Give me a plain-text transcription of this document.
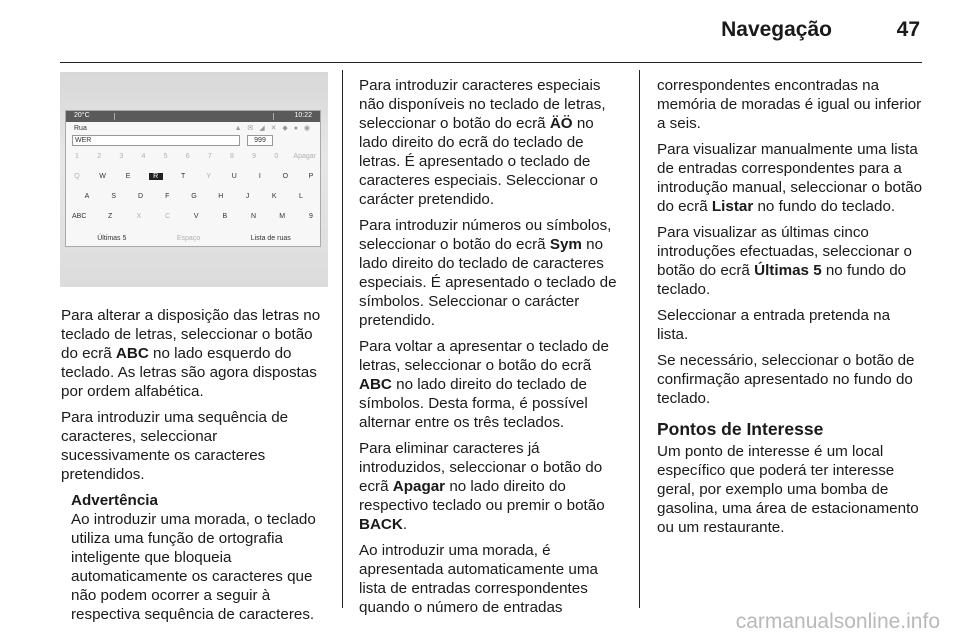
Navegação	47
20°C	10:22
Rua	▲ ✉ ◢ ✕ ◆ ● ◉
WER	999
1	2	3	4	5	6	7	8	9	0	Apagar
Q	W	E	R	T	Y	U	I	O	P
A	S	D	F	G	H	J	K	L
ABC	Z	X	C	V	B	N	M	9
Últimas 5	Espaço	Lista de ruas

Para alterar a disposição das letras no teclado de letras, seleccionar o botão do ecrã ABC no lado esquerdo do teclado. As letras são agora dispostas por ordem alfabética.

Para introduzir uma sequência de caracteres, seleccionar sucessivamente os caracteres pretendidos.

Advertência
Ao introduzir uma morada, o teclado utiliza uma função de ortografia inteligente que bloqueia automaticamente os caracteres que não podem ocorrer a seguir à respectiva sequência de caracteres.

Para introduzir caracteres especiais não disponíveis no teclado de letras, seleccionar o botão do ecrã ÄÖ no lado direito do ecrã do teclado de letras. É apresentado o teclado de caracteres especiais. Seleccionar o carácter pretendido.

Para introduzir números ou símbolos, seleccionar o botão do ecrã Sym no lado direito do teclado de caracteres especiais. É apresentado o teclado de símbolos. Seleccionar o carácter pretendido.

Para voltar a apresentar o teclado de letras, seleccionar o botão do ecrã ABC no lado direito do teclado de símbolos. Desta forma, é possível alternar entre os três teclados.

Para eliminar caracteres já introduzidos, seleccionar o botão do ecrã Apagar no lado direito do respectivo teclado ou premir o botão BACK.

Ao introduzir uma morada, é apresentada automaticamente uma lista de entradas correspondentes quando o número de entradas

correspondentes encontradas na memória de moradas é igual ou inferior a seis.

Para visualizar manualmente uma lista de entradas correspondentes para a introdução manual, seleccionar o botão do ecrã Listar no fundo do teclado.

Para visualizar as últimas cinco introduções efectuadas, seleccionar o botão do ecrã Últimas 5 no fundo do teclado.

Seleccionar a entrada pretenda na lista.

Se necessário, seleccionar o botão de confirmação apresentado no fundo do teclado.

Pontos de Interesse

Um ponto de interesse é um local específico que poderá ter interesse geral, por exemplo uma bomba de gasolina, uma área de estacionamento ou um restaurante.

carmanualsonline.info
